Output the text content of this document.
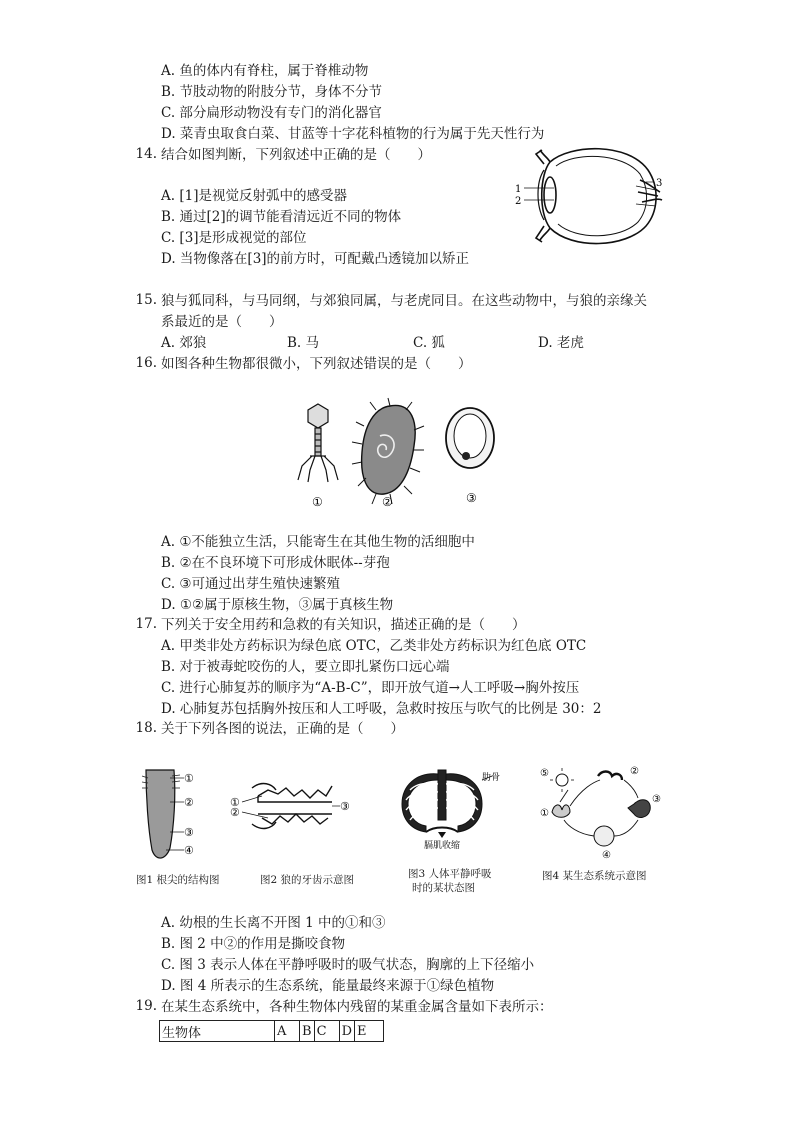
A. 鱼的体内有脊柱，属于脊椎动物
B. 节肢动物的附肢分节，身体不分节
C. 部分扁形动物没有专门的消化器官
D. 菜青虫取食白菜、甘蓝等十字花科植物的行为属于先天性行为
14. 结合如图判断，下列叙述中正确的是（　　）
A. [1]是视觉反射弧中的感受器
B. 通过[2]的调节能看清远近不同的物体
C. [3]是形成视觉的部位
D. 当物像落在[3]的前方时，可配戴凸透镜加以矫正
1
2
3
15. 狼与狐同科，与马同纲，与郊狼同属，与老虎同目。在这些动物中，与狼的亲缘关
系最近的是（　　）
A. 郊狼	B. 马	C. 狐	D. 老虎
16. 如图各种生物都很微小，下列叙述错误的是（　　）
①	②	③
A. ①不能独立生活，只能寄生在其他生物的活细胞中
B. ②在不良环境下可形成休眠体--芽孢
C. ③可通过出芽生殖快速繁殖
D. ①②属于原核生物，③属于真核生物
17. 下列关于安全用药和急救的有关知识，描述正确的是（　　）
A. 甲类非处方药标识为绿色底 OTC，乙类非处方药标识为红色底 OTC
B. 对于被毒蛇咬伤的人，要立即扎紧伤口远心端
C. 进行心肺复苏的顺序为“A-B-C”，即开放气道→人工呼吸→胸外按压
D. 心肺复苏包括胸外按压和人工呼吸，急救时按压与吹气的比例是 30：2
18. 关于下列各图的说法，正确的是（　　）
①
②
③
④
图1 根尖的结构图
①
②	③
图2 狼的牙齿示意图
肋骨
膈肌收缩
图3 人体平静呼吸
时的某状态图
①
②
③
④
⑤
图4 某生态系统示意图
A. 幼根的生长离不开图 1 中的①和③
B. 图 2 中②的作用是撕咬食物
C. 图 3 表示人体在平静呼吸时的吸气状态，胸廓的上下径缩小
D. 图 4 所表示的生态系统，能量最终来源于①绿色植物
19. 在某生态系统中，各种生物体内残留的某重金属含量如下表所示：
生物体	A	B	C	D	E
